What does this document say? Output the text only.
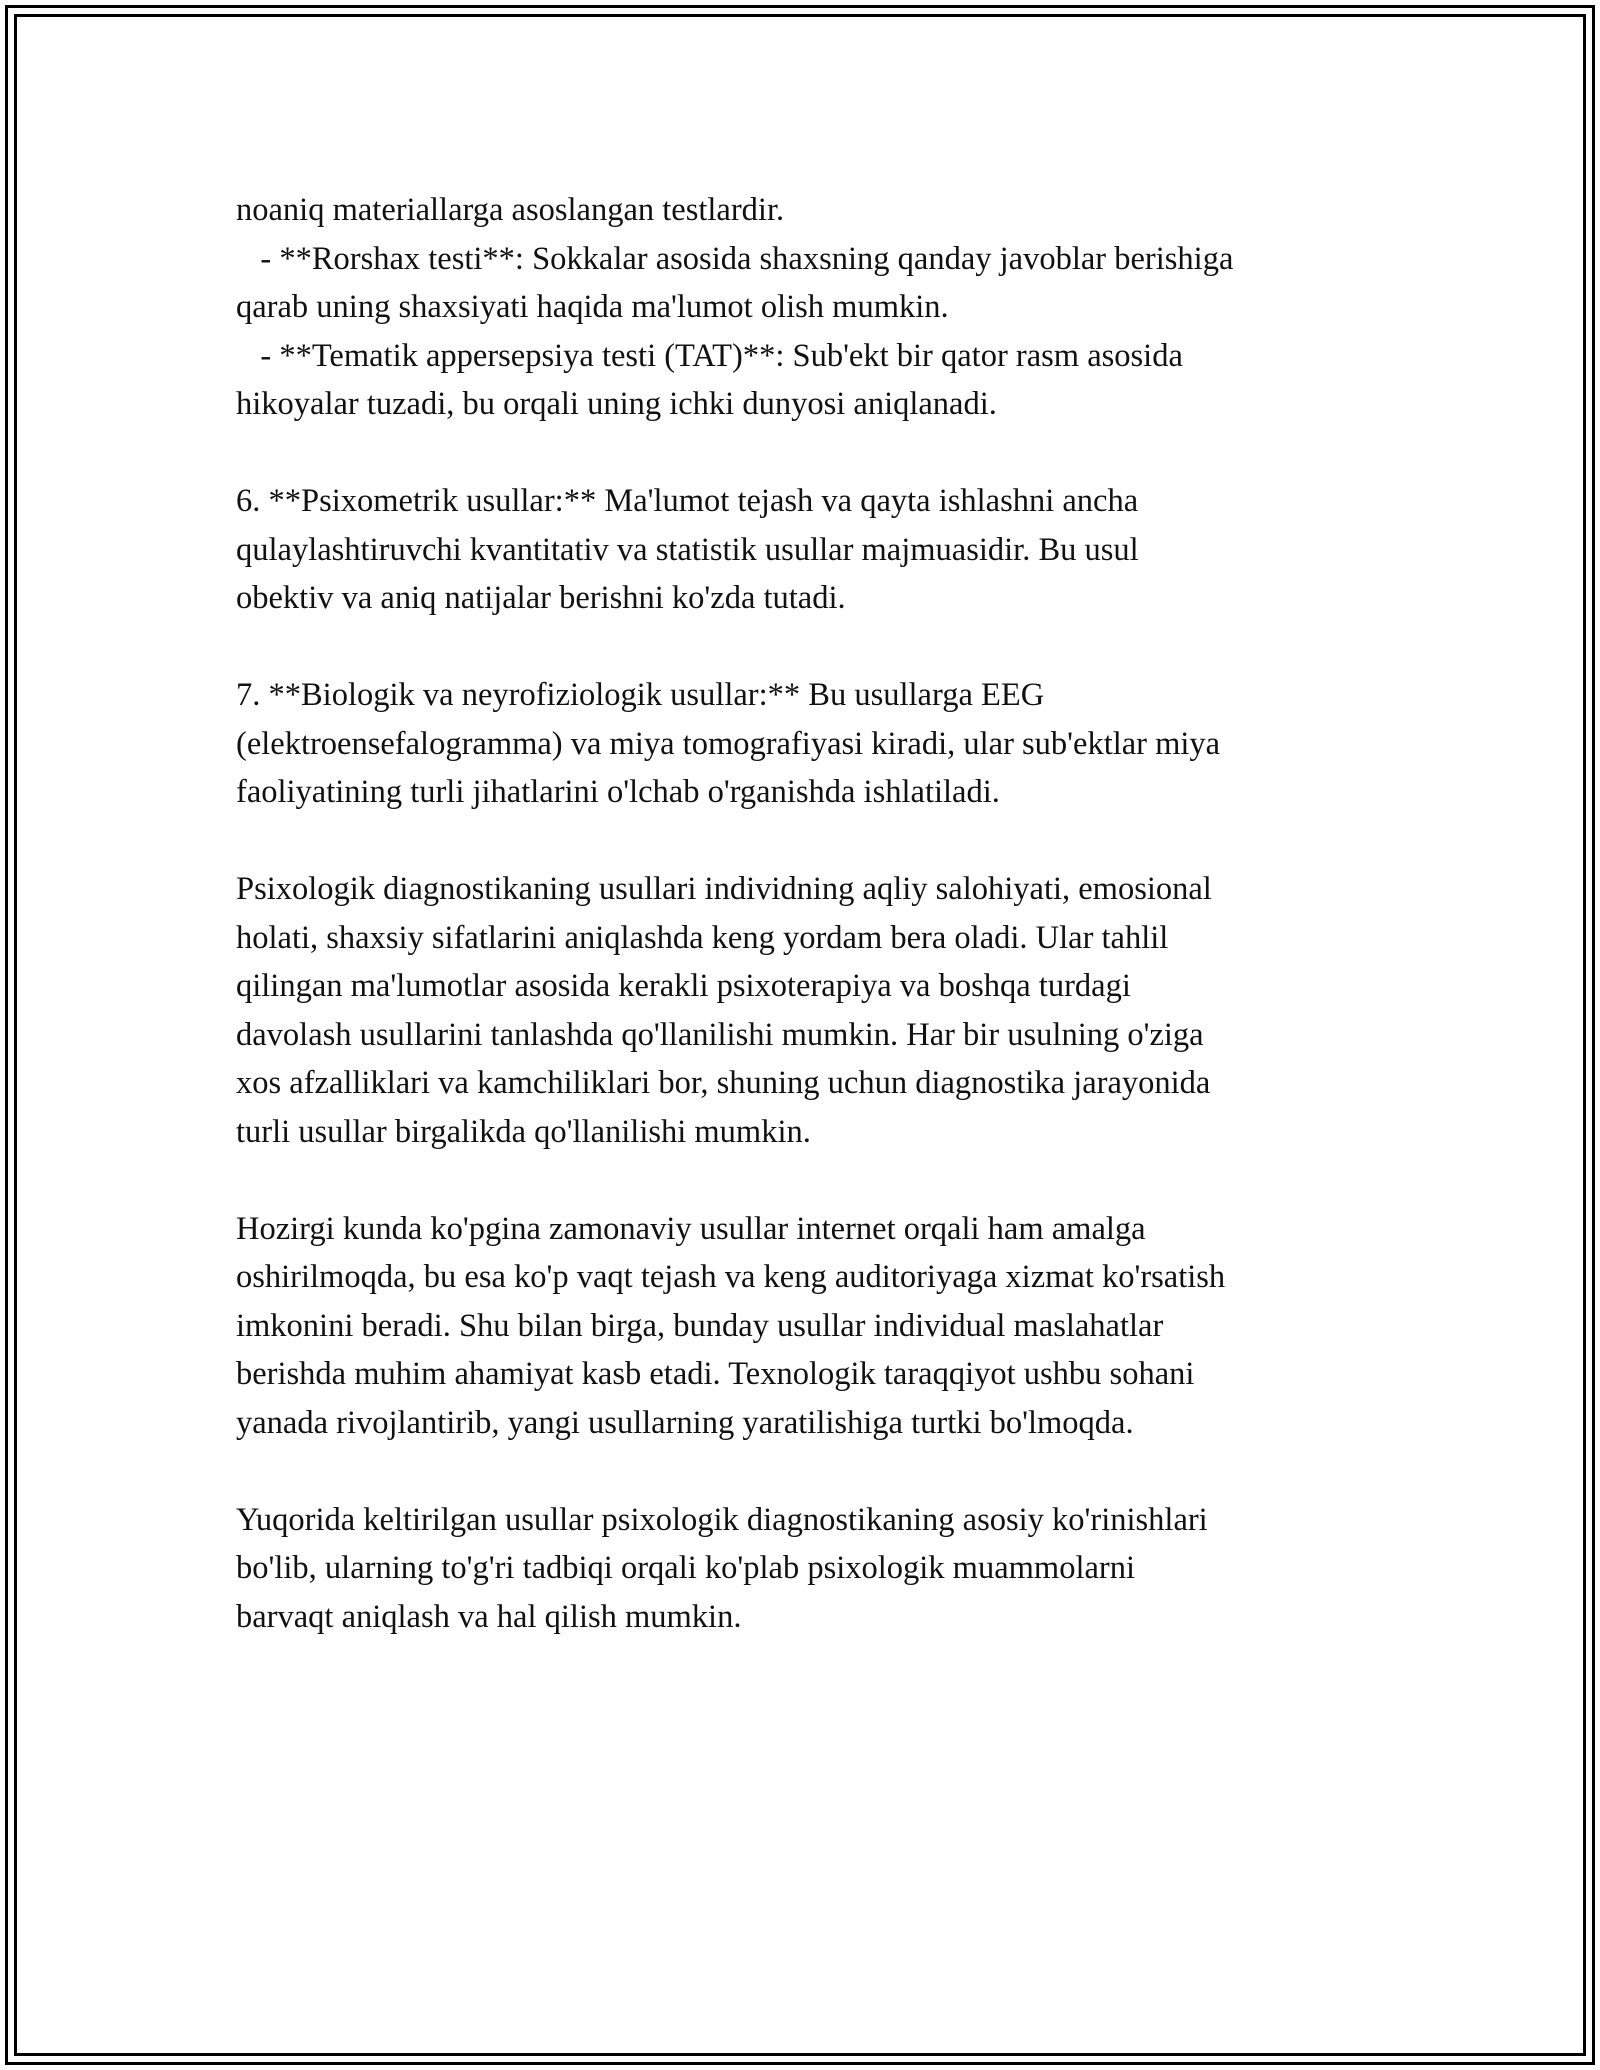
noaniq materiallarga asoslangan testlardir.
- **Rorshax testi**: Sokkalar asosida shaxsning qanday javoblar berishiga
qarab uning shaxsiyati haqida ma'lumot olish mumkin.
- **Tematik appersepsiya testi (TAT)**: Sub'ekt bir qator rasm asosida
hikoyalar tuzadi, bu orqali uning ichki dunyosi aniqlanadi.
6. **Psixometrik usullar:** Ma'lumot tejash va qayta ishlashni ancha
qulaylashtiruvchi kvantitativ va statistik usullar majmuasidir. Bu usul
obektiv va aniq natijalar berishni ko'zda tutadi.
7. **Biologik va neyrofiziologik usullar:** Bu usullarga EEG
(elektroensefalogramma) va miya tomografiyasi kiradi, ular sub'ektlar miya
faoliyatining turli jihatlarini o'lchab o'rganishda ishlatiladi.
Psixologik diagnostikaning usullari individning aqliy salohiyati, emosional
holati, shaxsiy sifatlarini aniqlashda keng yordam bera oladi. Ular tahlil
qilingan ma'lumotlar asosida kerakli psixoterapiya va boshqa turdagi
davolash usullarini tanlashda qo'llanilishi mumkin. Har bir usulning o'ziga
xos afzalliklari va kamchiliklari bor, shuning uchun diagnostika jarayonida
turli usullar birgalikda qo'llanilishi mumkin.
Hozirgi kunda ko'pgina zamonaviy usullar internet orqali ham amalga
oshirilmoqda, bu esa ko'p vaqt tejash va keng auditoriyaga xizmat ko'rsatish
imkonini beradi. Shu bilan birga, bunday usullar individual maslahatlar
berishda muhim ahamiyat kasb etadi. Texnologik taraqqiyot ushbu sohani
yanada rivojlantirib, yangi usullarning yaratilishiga turtki bo'lmoqda.
Yuqorida keltirilgan usullar psixologik diagnostikaning asosiy ko'rinishlari
bo'lib, ularning to'g'ri tadbiqi orqali ko'plab psixologik muammolarni
barvaqt aniqlash va hal qilish mumkin.
